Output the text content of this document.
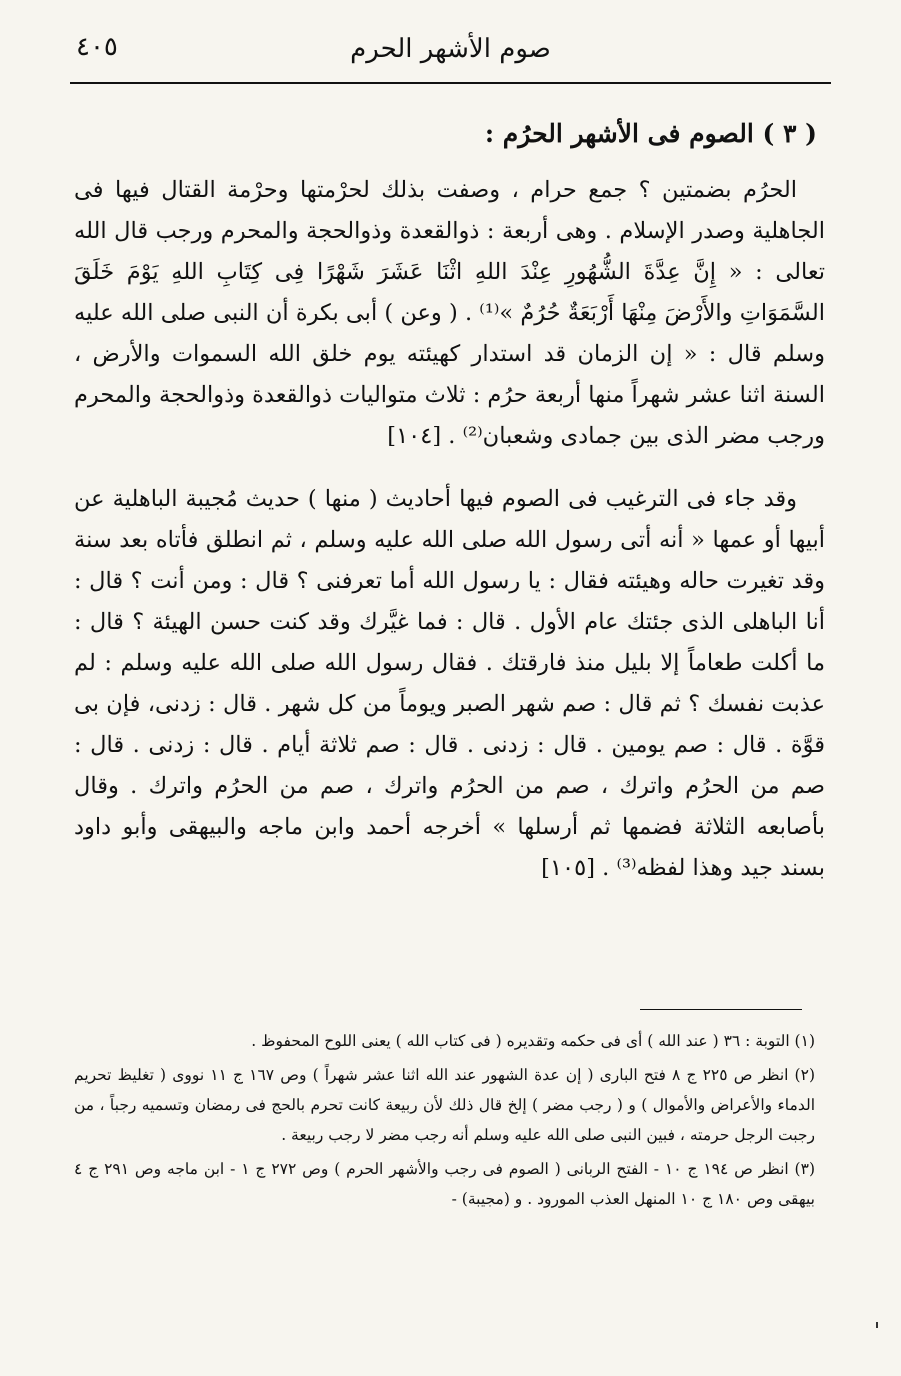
صوم الأشهر الحرم
٤٠٥
( ٣ ) الصوم فى الأشهر الحرُم :

الحرُم بضمتين ؟ جمع حرام ، وصفت بذلك لحرْمتها وحرْمة القتال فيها فى الجاهلية وصدر الإسلام . وهى أربعة : ذوالقعدة وذوالحجة والمحرم ورجب قال الله تعالى : « إِنَّ عِدَّةَ الشُّهُورِ عِنْدَ اللهِ اثْنَا عَشَرَ شَهْرًا فِى كِتَابِ اللهِ يَوْمَ خَلَقَ السَّمَوَاتِ والأَرْضَ مِنْهَا أَرْبَعَةٌ حُرُمٌ »⁽¹⁾ . ( وعن ) أبى بكرة أن النبى صلى الله عليه وسلم قال : « إن الزمان قد استدار كهيئته يوم خلق الله السموات والأرض ، السنة اثنا عشر شهراً منها أربعة حرُم : ثلاث متواليات ذوالقعدة وذوالحجة والمحرم ورجب مضر الذى بين جمادى وشعبان⁽²⁾ . [١٠٤]

وقد جاء فى الترغيب فى الصوم فيها أحاديث ( منها ) حديث مُجيبة الباهلية عن أبيها أو عمها « أنه أتى رسول الله صلى الله عليه وسلم ، ثم انطلق فأتاه بعد سنة وقد تغيرت حاله وهيئته فقال : يا رسول الله أما تعرفنى ؟ قال : ومن أنت ؟ قال : أنا الباهلى الذى جئتك عام الأول . قال : فما غيَّرك وقد كنت حسن الهيئة ؟ قال : ما أكلت طعاماً إلا بليل منذ فارقتك . فقال رسول الله صلى الله عليه وسلم : لم عذبت نفسك ؟ ثم قال : صم شهر الصبر ويوماً من كل شهر . قال : زدنى، فإن بى قوَّة . قال : صم يومين . قال : زدنى . قال : صم ثلاثة أيام . قال : زدنى . قال : صم من الحرُم واترك ، صم من الحرُم واترك ، صم من الحرُم واترك . وقال بأصابعه الثلاثة فضمها ثم أرسلها » أخرجه أحمد وابن ماجه والبيهقى وأبو داود بسند جيد وهذا لفظه⁽³⁾ . [١٠٥]

(١) التوبة : ٣٦ ( عند الله ) أى فى حكمه وتقديره ( فى كتاب الله ) يعنى اللوح المحفوظ .

(٢) انظر ص ٢٢٥ ج ٨ فتح البارى ( إن عدة الشهور عند الله اثنا عشر شهراً ) وص ١٦٧ ج ١١ نووى ( تغليظ تحريم الدماء والأعراض والأموال ) و ( رجب مضر ) إلخ قال ذلك لأن ربيعة كانت تحرم بالحج فى رمضان وتسميه رجباً ، من رجبت الرجل حرمته ، فبين النبى صلى الله عليه وسلم أنه رجب مضر لا رجب ربيعة .

(٣) انظر ص ١٩٤ ج ١٠ - الفتح الربانى ( الصوم فى رجب والأشهر الحرم ) وص ٢٧٢ ج ١ - ابن ماجه وص ٢٩١ ج ٤ بيهقى وص ١٨٠ ج ١٠ المنهل العذب المورود . و (مجيبة) -
